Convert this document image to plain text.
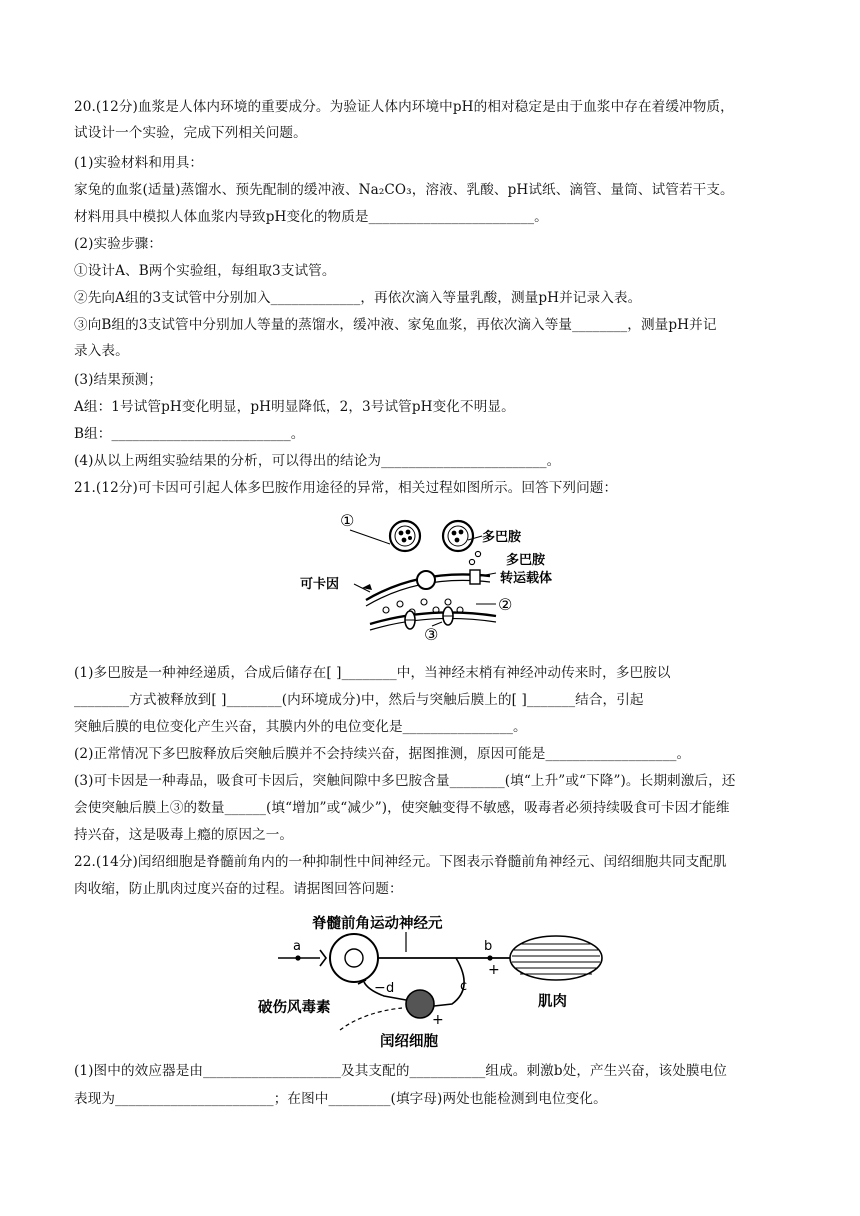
20.(12分)血浆是人体内环境的重要成分。为验证人体内环境中pH的相对稳定是由于血浆中存在着缓冲物质，
试设计一个实验，完成下列相关问题。
(1)实验材料和用具：
家兔的血浆(适量)蒸馏水、预先配制的缓冲液、Na₂CO₃，溶液、乳酸、pH试纸、滴管、量筒、试管若干支。
材料用具中模拟人体血浆内导致pH变化的物质是________________________。
(2)实验步骤：
①设计A、B两个实验组，每组取3支试管。
②先向A组的3支试管中分别加入_____________，再依次滴入等量乳酸，测量pH并记录入表。
③向B组的3支试管中分别加人等量的蒸馏水，缓冲液、家兔血浆，再依次滴入等量________，测量pH并记
录入表。
(3)结果预测；
A组：1号试管pH变化明显，pH明显降低，2，3号试管pH变化不明显。
B组：__________________________。
(4)从以上两组实验结果的分析，可以得出的结论为________________________。
21.(12分)可卡因可引起人体多巴胺作用途径的异常，相关过程如图所示。回答下列问题：
①
多巴胺
多巴胺
转运载体
可卡因
②
③
(1)多巴胺是一种神经递质，合成后储存在[ ]________中，当神经末梢有神经冲动传来时，多巴胺以
________方式被释放到[ ]________(内环境成分)中，然后与突触后膜上的[ ]_______结合，引起
突触后膜的电位变化产生兴奋，其膜内外的电位变化是________________。
(2)正常情况下多巴胺释放后突触后膜并不会持续兴奋，据图推测，原因可能是___________________。
(3)可卡因是一种毒品，吸食可卡因后，突触间隙中多巴胺含量________(填“上升”或“下降”)。长期刺激后，还
会使突触后膜上③的数量______(填“增加”或“减少”)，使突触变得不敏感，吸毒者必须持续吸食可卡因才能维
持兴奋，这是吸毒上瘾的原因之一。
22.(14分)闰绍细胞是脊髓前角内的一种抑制性中间神经元。下图表示脊髓前角神经元、闰绍细胞共同支配肌
肉收缩，防止肌肉过度兴奋的过程。请据图回答问题：
脊髓前角运动神经元
a	b
+
肌肉
c
+
− d
破伤风毒素
闰绍细胞
(1)图中的效应器是由____________________及其支配的___________组成。刺激b处，产生兴奋，该处膜电位
表现为_______________________；在图中_________(填字母)两处也能检测到电位变化。
